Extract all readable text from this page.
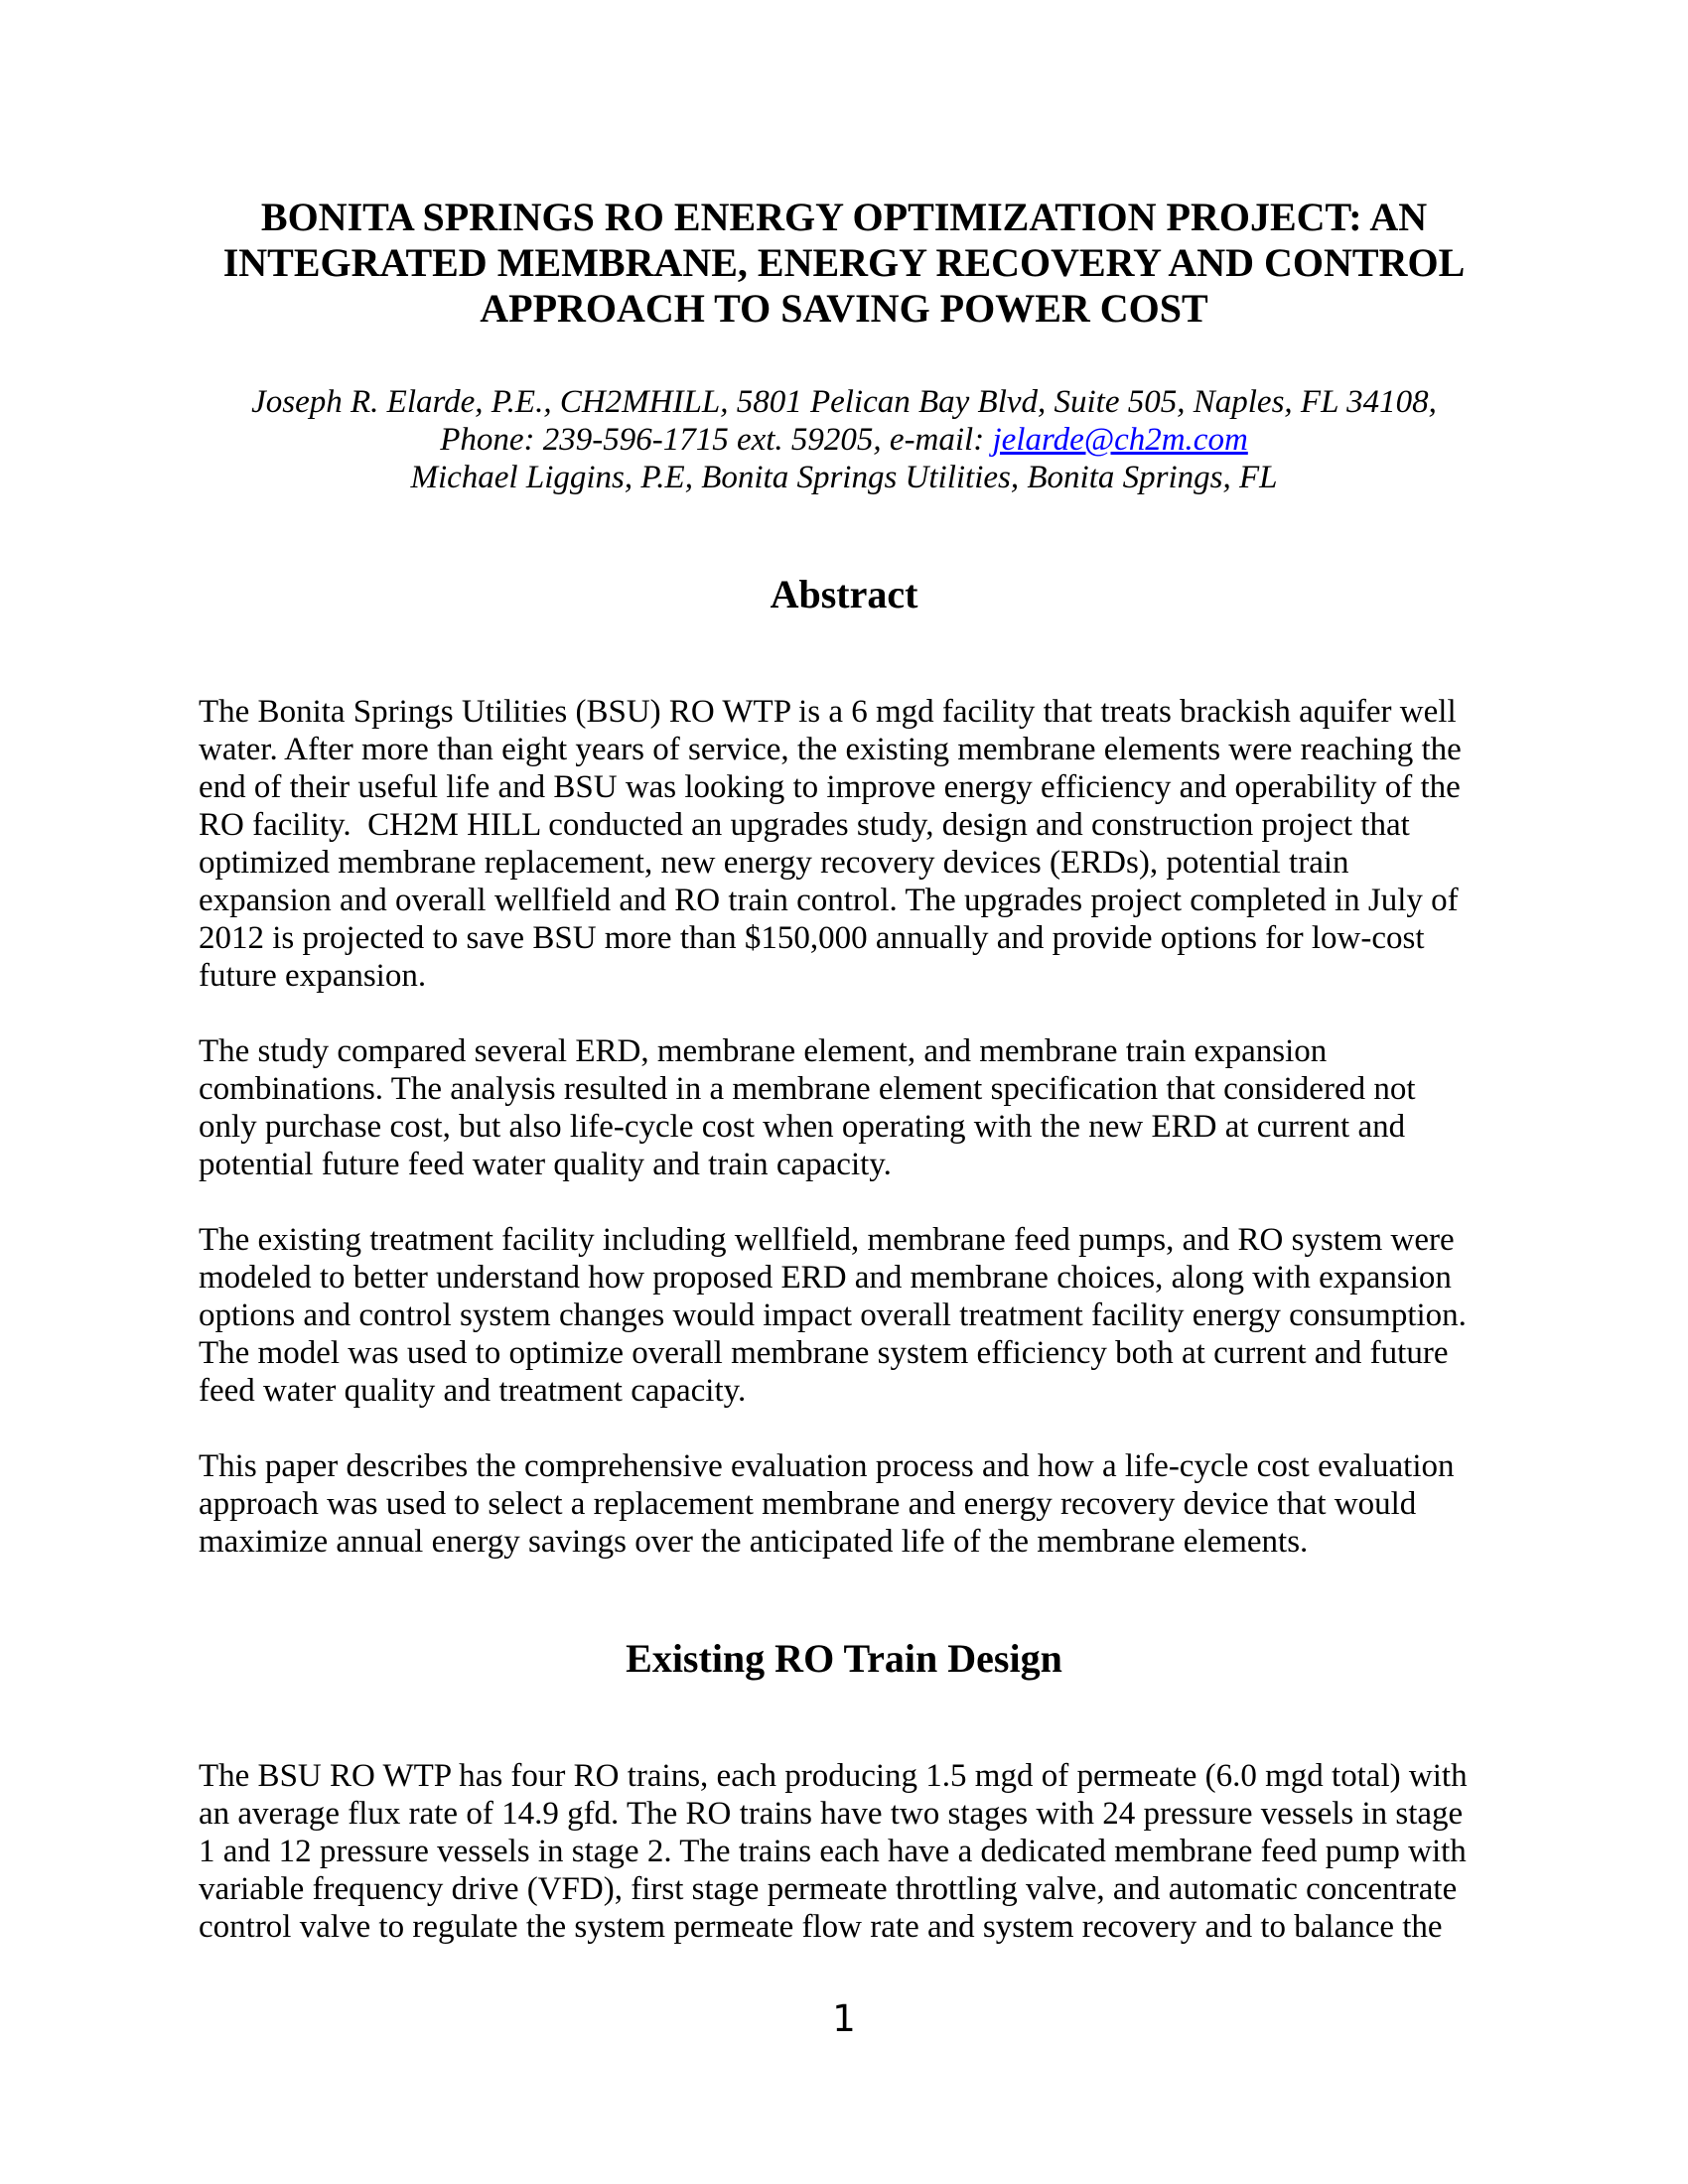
BONITA SPRINGS RO ENERGY OPTIMIZATION PROJECT: AN
INTEGRATED MEMBRANE, ENERGY RECOVERY AND CONTROL
APPROACH TO SAVING POWER COST
Joseph R. Elarde, P.E., CH2MHILL, 5801 Pelican Bay Blvd, Suite 505, Naples, FL 34108,
Phone: 239-596-1715 ext. 59205, e-mail: jelarde@ch2m.com
Michael Liggins, P.E, Bonita Springs Utilities, Bonita Springs, FL
Abstract
The Bonita Springs Utilities (BSU) RO WTP is a 6 mgd facility that treats brackish aquifer well
water. After more than eight years of service, the existing membrane elements were reaching the
end of their useful life and BSU was looking to improve energy efficiency and operability of the
RO facility.  CH2M HILL conducted an upgrades study, design and construction project that
optimized membrane replacement, new energy recovery devices (ERDs), potential train
expansion and overall wellfield and RO train control. The upgrades project completed in July of
2012 is projected to save BSU more than $150,000 annually and provide options for low-cost
future expansion.
The study compared several ERD, membrane element, and membrane train expansion
combinations. The analysis resulted in a membrane element specification that considered not
only purchase cost, but also life-cycle cost when operating with the new ERD at current and
potential future feed water quality and train capacity.
The existing treatment facility including wellfield, membrane feed pumps, and RO system were
modeled to better understand how proposed ERD and membrane choices, along with expansion
options and control system changes would impact overall treatment facility energy consumption.
The model was used to optimize overall membrane system efficiency both at current and future
feed water quality and treatment capacity.
This paper describes the comprehensive evaluation process and how a life-cycle cost evaluation
approach was used to select a replacement membrane and energy recovery device that would
maximize annual energy savings over the anticipated life of the membrane elements.
Existing RO Train Design
The BSU RO WTP has four RO trains, each producing 1.5 mgd of permeate (6.0 mgd total) with
an average flux rate of 14.9 gfd. The RO trains have two stages with 24 pressure vessels in stage
1 and 12 pressure vessels in stage 2. The trains each have a dedicated membrane feed pump with
variable frequency drive (VFD), first stage permeate throttling valve, and automatic concentrate
control valve to regulate the system permeate flow rate and system recovery and to balance the
1
